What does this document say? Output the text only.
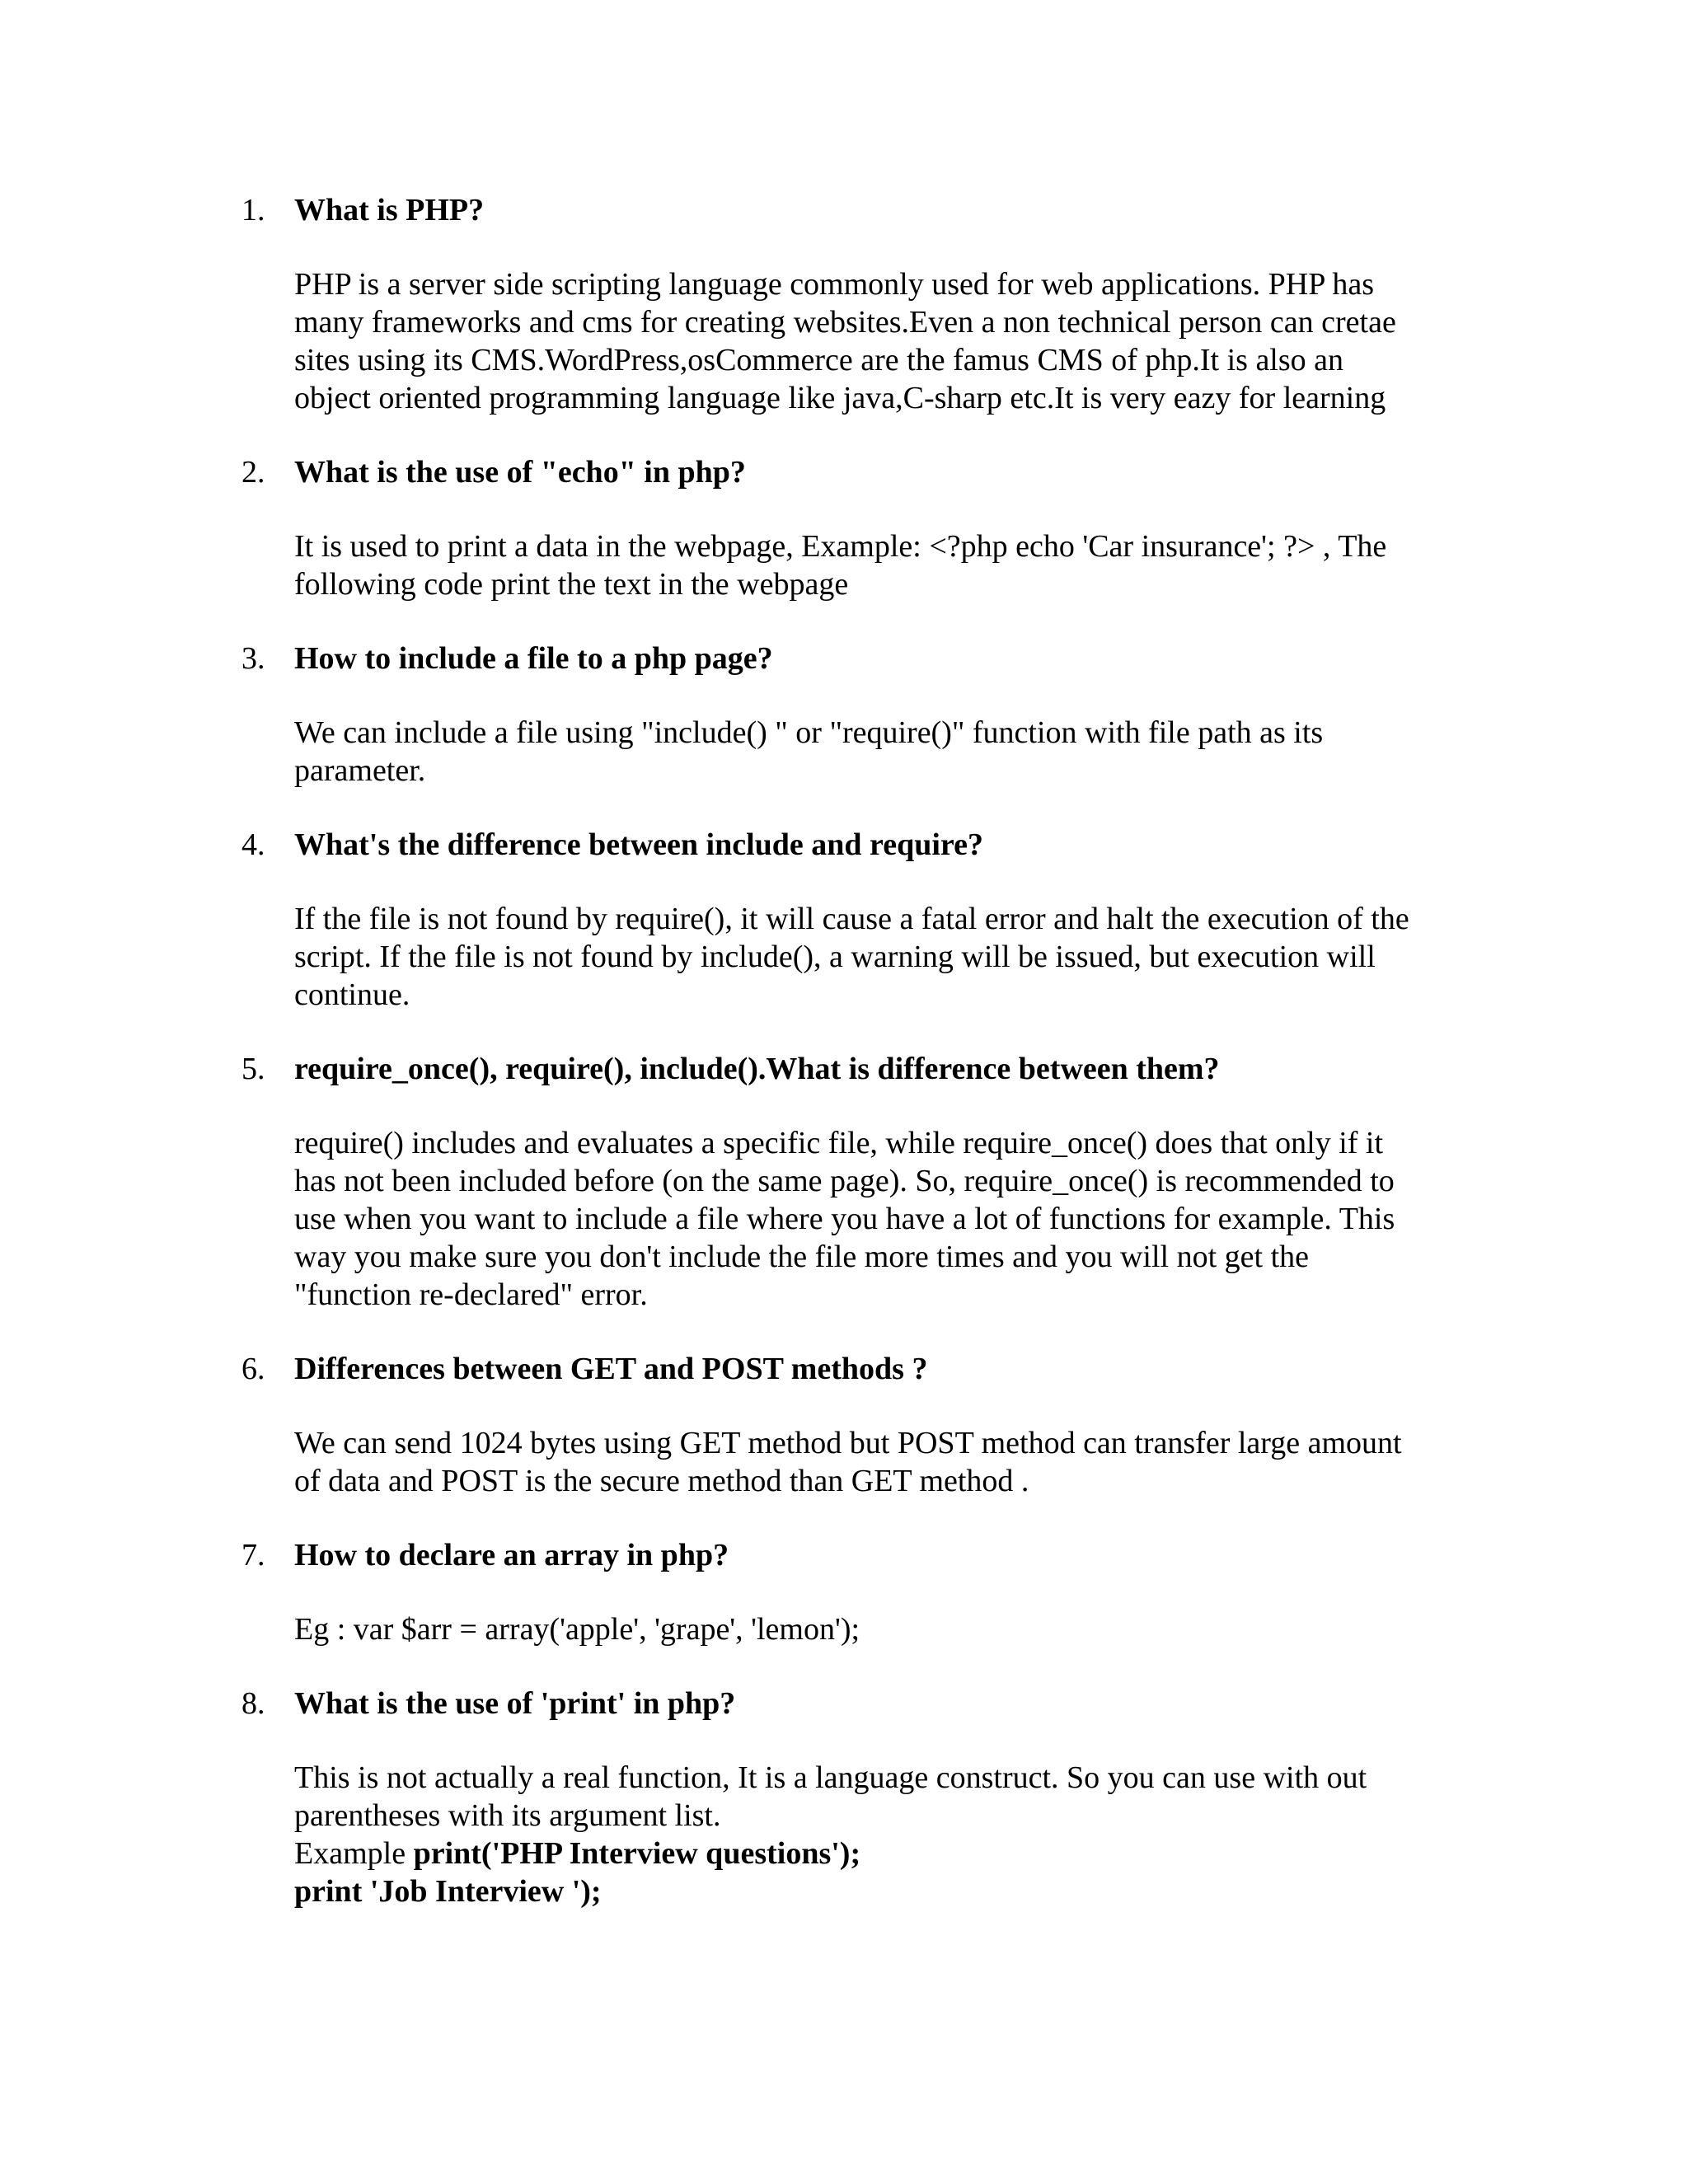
1. What is PHP?
PHP is a server side scripting language commonly used for web applications. PHP has
many frameworks and cms for creating websites.Even a non technical person can cretae
sites using its CMS.WordPress,osCommerce are the famus CMS of php.It is also an
object oriented programming language like java,C-sharp etc.It is very eazy for learning
2. What is the use of "echo" in php?
It is used to print a data in the webpage, Example: <?php echo 'Car insurance'; ?> , The
following code print the text in the webpage
3. How to include a file to a php page?
We can include a file using "include() " or "require()" function with file path as its
parameter.
4. What's the difference between include and require?
If the file is not found by require(), it will cause a fatal error and halt the execution of the
script. If the file is not found by include(), a warning will be issued, but execution will
continue.
5. require_once(), require(), include().What is difference between them?
require() includes and evaluates a specific file, while require_once() does that only if it
has not been included before (on the same page). So, require_once() is recommended to
use when you want to include a file where you have a lot of functions for example. This
way you make sure you don't include the file more times and you will not get the
"function re-declared" error.
6. Differences between GET and POST methods ?
We can send 1024 bytes using GET method but POST method can transfer large amount
of data and POST is the secure method than GET method .
7. How to declare an array in php?
Eg : var $arr = array('apple', 'grape', 'lemon');
8. What is the use of 'print' in php?
This is not actually a real function, It is a language construct. So you can use with out
parentheses with its argument list.
Example print('PHP Interview questions');
print 'Job Interview ');
